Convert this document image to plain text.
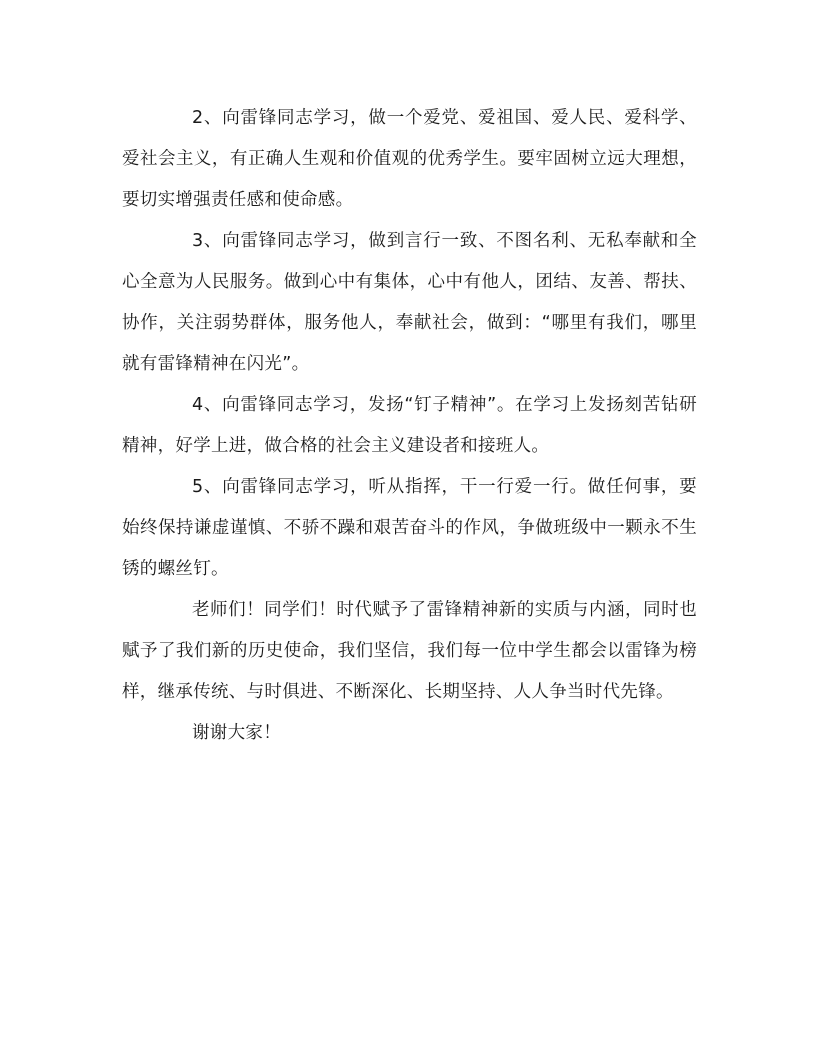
2、向雷锋同志学习，做一个爱党、爱祖国、爱人民、爱科学、爱社会主义，有正确人生观和价值观的优秀学生。要牢固树立远大理想，要切实增强责任感和使命感。

3、向雷锋同志学习，做到言行一致、不图名利、无私奉献和全心全意为人民服务。做到心中有集体，心中有他人，团结、友善、帮扶、协作，关注弱势群体，服务他人，奉献社会，做到：“哪里有我们，哪里就有雷锋精神在闪光”。

4、向雷锋同志学习，发扬“钉子精神”。在学习上发扬刻苦钻研精神，好学上进，做合格的社会主义建设者和接班人。

5、向雷锋同志学习，听从指挥，干一行爱一行。做任何事，要始终保持谦虚谨慎、不骄不躁和艰苦奋斗的作风，争做班级中一颗永不生锈的螺丝钉。

老师们！同学们！时代赋予了雷锋精神新的实质与内涵，同时也赋予了我们新的历史使命，我们坚信，我们每一位中学生都会以雷锋为榜样，继承传统、与时俱进、不断深化、长期坚持、人人争当时代先锋。

谢谢大家！
